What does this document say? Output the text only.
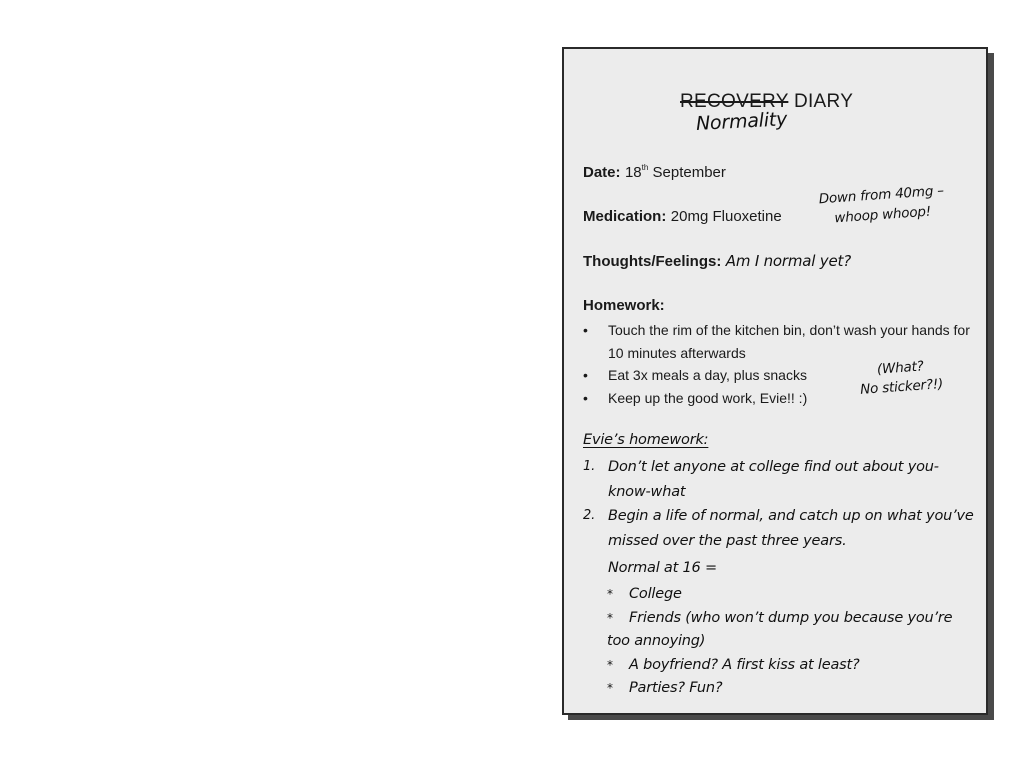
RECOVERY DIARY
Normality
Date: 18th September
Medication: 20mg Fluoxetine
Down from 40mg –
whoop whoop!
Thoughts/Feelings: Am I normal yet?
Homework:
• Touch the rim of the kitchen bin, don’t wash your hands for 10 minutes afterwards
• Eat 3x meals a day, plus snacks
• Keep up the good work, Evie!! :)
(What?
No sticker?!)
Evie’s homework:
1. Don’t let anyone at college find out about you-know-what
2. Begin a life of normal, and catch up on what you’ve missed over the past three years.
Normal at 16 =
* College
* Friends (who won’t dump you because you’re too annoying)
* A boyfriend? A first kiss at least?
* Parties? Fun?
